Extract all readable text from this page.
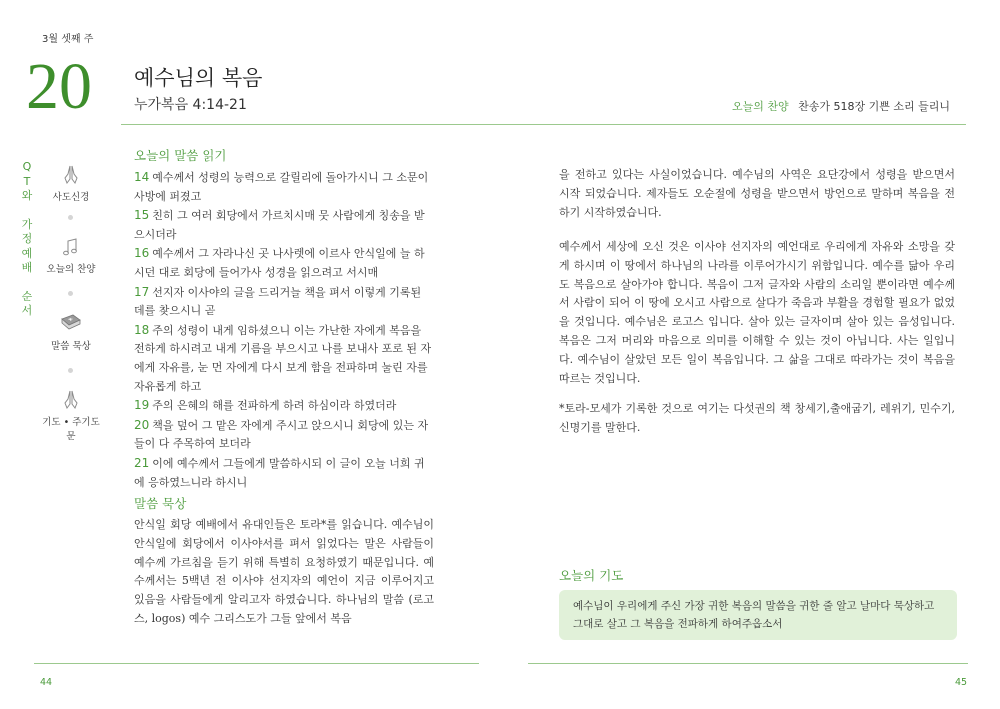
3월 셋째 주
20 예수님의 복음
누가복음 4:14-21	오늘의 찬양 찬송가 518장 기쁜 소리 들리니
Q
T
와

가
정
예
배

순
서
사도신경
오늘의 찬양
말씀 묵상
기도 • 주기도문
오늘의 말씀 읽기
14 예수께서 성령의 능력으로 갈릴리에 돌아가시니 그 소문이 사방에 퍼졌고
15 친히 그 여러 회당에서 가르치시매 뭇 사람에게 칭송을 받으시더라
16 예수께서 그 자라나신 곳 나사렛에 이르사 안식일에 늘 하시던 대로 회당에 들어가사 성경을 읽으려고 서시매
17 선지자 이사야의 글을 드리거늘 책을 펴서 이렇게 기록된 데를 찾으시니 곧
18 주의 성령이 내게 임하셨으니 이는 가난한 자에게 복음을 전하게 하시려고 내게 기름을 부으시고 나를 보내사 포로 된 자에게 자유를, 눈 먼 자에게 다시 보게 함을 전파하며 눌린 자를 자유롭게 하고
19 주의 은혜의 해를 전파하게 하려 하심이라 하였더라
20 책을 덮어 그 맡은 자에게 주시고 앉으시니 회당에 있는 자들이 다 주목하여 보더라
21 이에 예수께서 그들에게 말씀하시되 이 글이 오늘 너희 귀에 응하였느니라 하시니
말씀 묵상
안식일 회당 예배에서 유대인들은 토라*를 읽습니다. 예수님이 안식일에 회당에서 이사야서를 펴서 읽었다는 말은 사람들이 예수께 가르침을 듣기 위해 특별히 요청하였기 때문입니다. 예수께서는 5백년 전 이사야 선지자의 예언이 지금 이루어지고 있음을 사람들에게 알리고자 하였습니다. 하나님의 말씀 (로고스, logos) 예수 그리스도가 그들 앞에서 복음
을 전하고 있다는 사실이었습니다. 예수님의 사역은 요단강에서 성령을 받으면서 시작 되었습니다. 제자들도 오순절에 성령을 받으면서 방언으로 말하며 복음을 전하기 시작하였습니다.
예수께서 세상에 오신 것은 이사야 선지자의 예언대로 우리에게 자유와 소망을 갖게 하시며 이 땅에서 하나님의 나라를 이루어가시기 위함입니다. 예수를 닮아 우리도 복음으로 살아가야 합니다. 복음이 그저 글자와 사람의 소리일 뿐이라면 예수께서 사람이 되어 이 땅에 오시고 사람으로 살다가 죽음과 부활을 경험할 필요가 없었을 것입니다. 예수님은 로고스 입니다. 살아 있는 글자이며 살아 있는 음성입니다. 복음은 그저 머리와 마음으로 의미를 이해할 수 있는 것이 아닙니다. 사는 일입니다. 예수님이 살았던 모든 일이 복음입니다. 그 삶을 그대로 따라가는 것이 복음을 따르는 것입니다.
*토라-모세가 기록한 것으로 여기는 다섯권의 책 창세기,출애굽기, 레위기, 민수기, 신명기를 말한다.
오늘의 기도
예수님이 우리에게 주신 가장 귀한 복음의 말씀을 귀한 줄 알고 날마다 묵상하고 그대로 살고 그 복음을 전파하게 하여주옵소서
44	45
